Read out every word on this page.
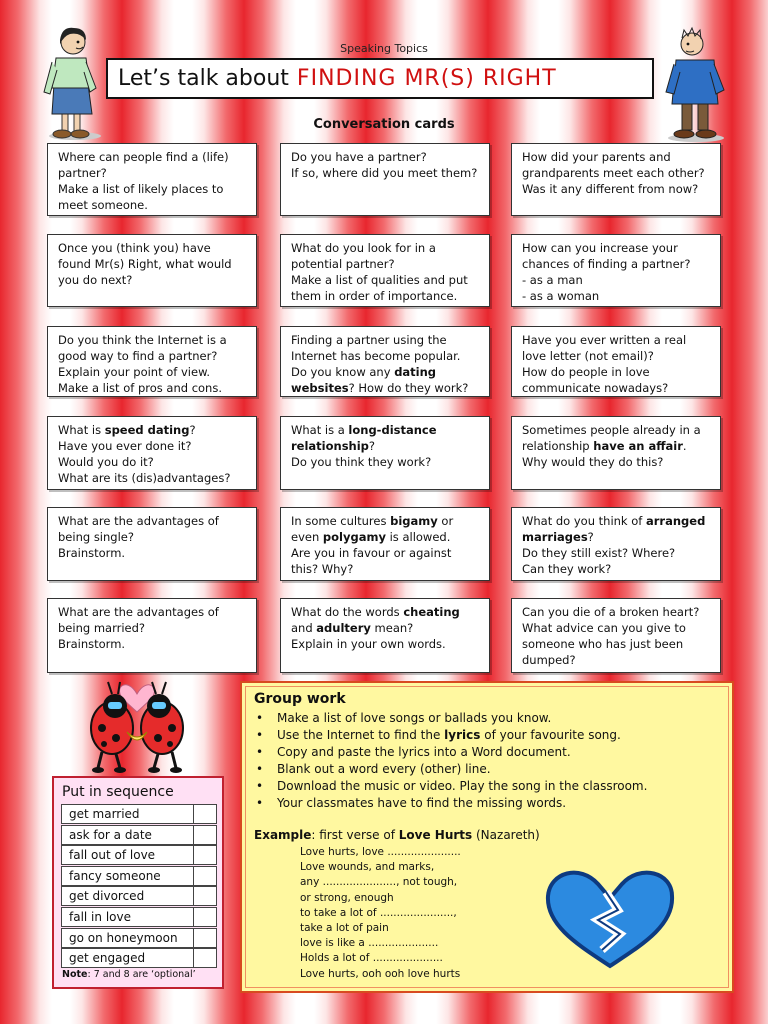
Speaking Topics
Let’s talk about FINDING MR(S) RIGHT
Conversation cards
Where can people find a (life) partner?
Make a list of likely places to meet someone.
Do you have a partner?
If so, where did you meet them?
How did your parents and grandparents meet each other?
Was it any different from now?
Once you (think you) have found Mr(s) Right, what would you do next?
What do you look for in a potential partner?
Make a list of qualities and put them in order of importance.
How can you increase your chances of finding a partner?
- as a man
- as a woman
Do you think the Internet is a good way to find a partner?
Explain your point of view.
Make a list of pros and cons.
Finding a partner using the Internet has become popular.
Do you know any dating websites? How do they work?
Have you ever written a real love letter (not email)?
How do people in love communicate nowadays?
What is speed dating?
Have you ever done it?
Would you do it?
What are its (dis)advantages?
What is a long-distance relationship?
Do you think they work?
Sometimes people already in a relationship have an affair.
Why would they do this?
What are the advantages of being single?
Brainstorm.
In some cultures bigamy or even polygamy is allowed.
Are you in favour or against this? Why?
What do you think of arranged marriages?
Do they still exist? Where?
Can they work?
What are the advantages of being married?
Brainstorm.
What do the words cheating and adultery mean?
Explain in your own words.
Can you die of a broken heart?
What advice can you give to someone who has just been dumped?
Put in sequence
get married
ask for a date
fall out of love
fancy someone
get divorced
fall in love
go on honeymoon
get engaged
Note: 7 and 8 are ‘optional’
Group work
• Make a list of love songs or ballads you know.
• Use the Internet to find the lyrics of your favourite song.
• Copy and paste the lyrics into a Word document.
• Blank out a word every (other) line.
• Download the music or video. Play the song in the classroom.
• Your classmates have to find the missing words.
Example: first verse of Love Hurts (Nazareth)
Love hurts, love ......................
Love wounds, and marks,
any ......................, not tough,
or strong, enough
to take a lot of ......................,
take a lot of pain
love is like a .....................
Holds a lot of .....................
Love hurts, ooh ooh love hurts
